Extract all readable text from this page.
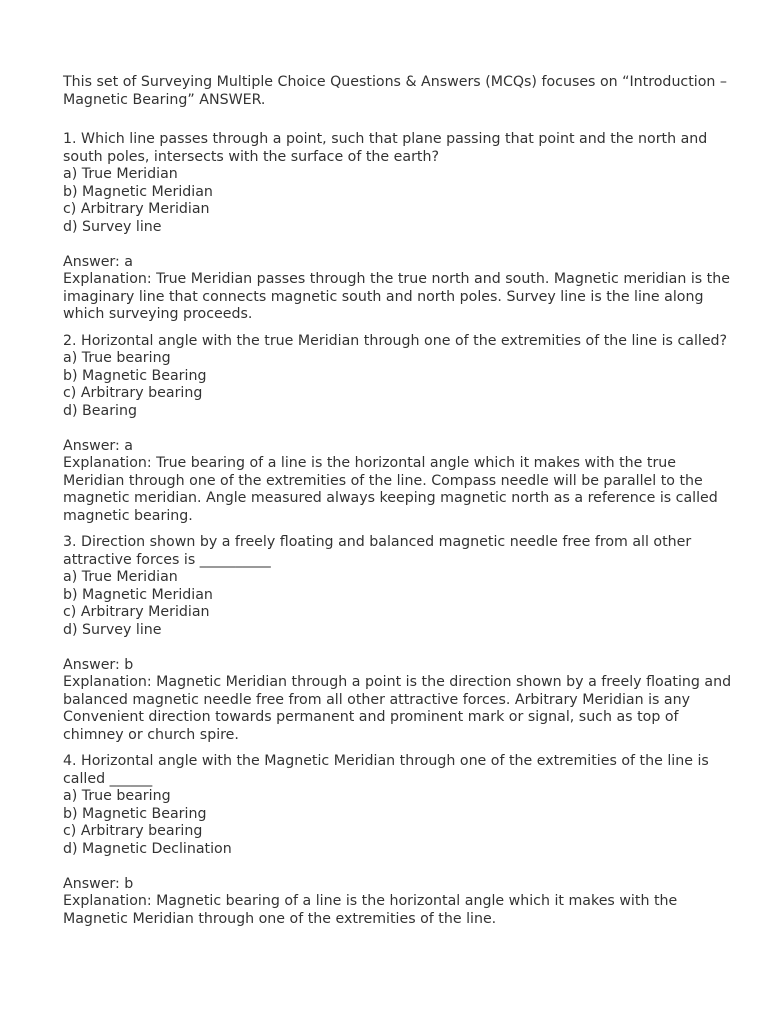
This set of Surveying Multiple Choice Questions & Answers (MCQs) focuses on “Introduction – Magnetic Bearing” ANSWER.
1. Which line passes through a point, such that plane passing that point and the north and south poles, intersects with the surface of the earth?
a) True Meridian
b) Magnetic Meridian
c) Arbitrary Meridian
d) Survey line
Answer: a
Explanation: True Meridian passes through the true north and south. Magnetic meridian is the imaginary line that connects magnetic south and north poles. Survey line is the line along which surveying proceeds.
2. Horizontal angle with the true Meridian through one of the extremities of the line is called?
a) True bearing
b) Magnetic Bearing
c) Arbitrary bearing
d) Bearing
Answer: a
Explanation: True bearing of a line is the horizontal angle which it makes with the true Meridian through one of the extremities of the line. Compass needle will be parallel to the magnetic meridian. Angle measured always keeping magnetic north as a reference is called magnetic bearing.
3. Direction shown by a freely floating and balanced magnetic needle free from all other attractive forces is __________
a) True Meridian
b) Magnetic Meridian
c) Arbitrary Meridian
d) Survey line
Answer: b
Explanation: Magnetic Meridian through a point is the direction shown by a freely floating and balanced magnetic needle free from all other attractive forces. Arbitrary Meridian is any Convenient direction towards permanent and prominent mark or signal, such as top of chimney or church spire.
4. Horizontal angle with the Magnetic Meridian through one of the extremities of the line is called ______
a) True bearing
b) Magnetic Bearing
c) Arbitrary bearing
d) Magnetic Declination
Answer: b
Explanation: Magnetic bearing of a line is the horizontal angle which it makes with the Magnetic Meridian through one of the extremities of the line.
